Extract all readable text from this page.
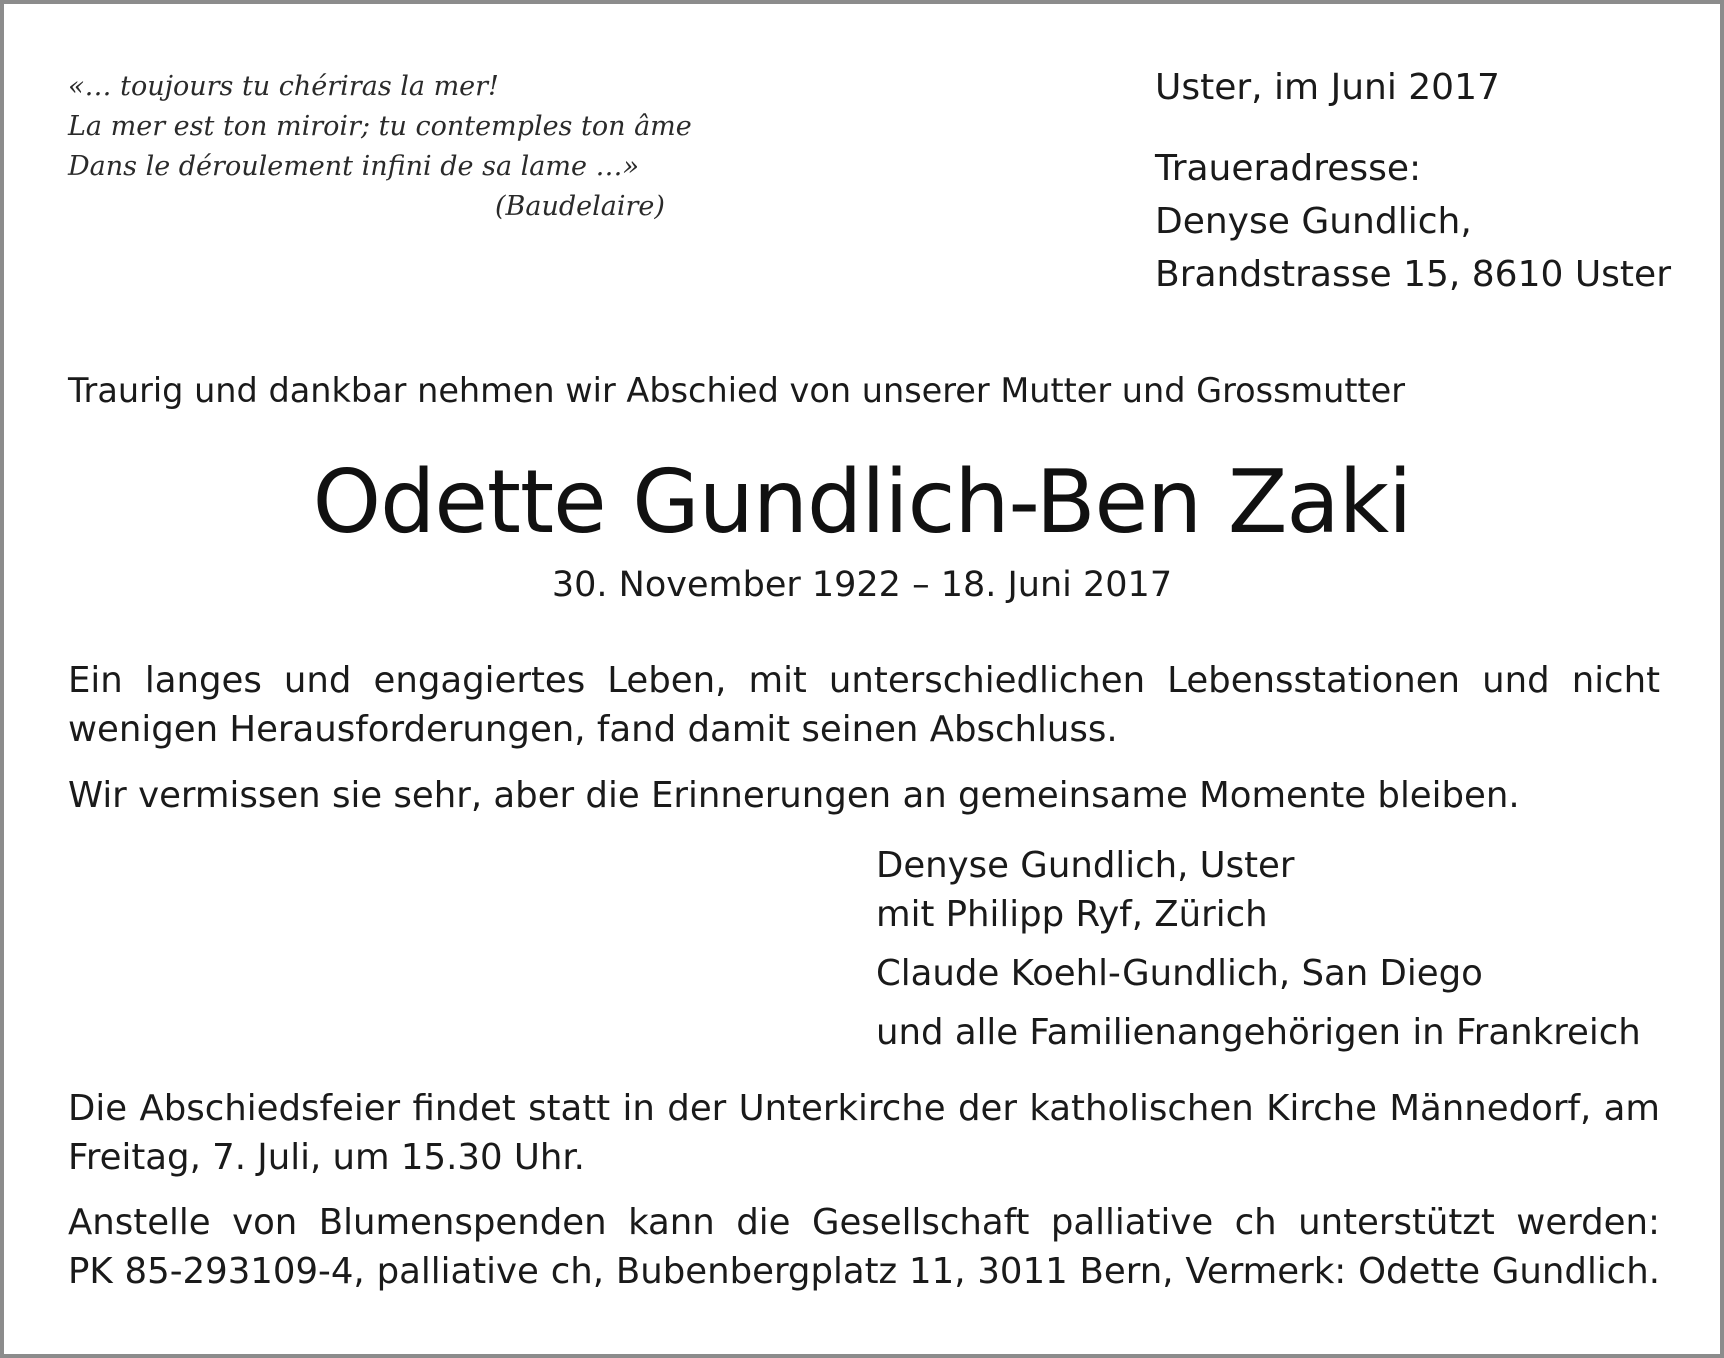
«… toujours tu chériras la mer!
La mer est ton miroir; tu contemples ton âme
Dans le déroulement infini de sa lame …»
(Baudelaire)
Uster, im Juni 2017
Traueradresse:
Denyse Gundlich,
Brandstrasse 15, 8610 Uster
Traurig und dankbar nehmen wir Abschied von unserer Mutter und Grossmutter
Odette Gundlich-Ben Zaki
30. November 1922 – 18. Juni 2017
Ein langes und engagiertes Leben, mit unterschiedlichen Lebensstationen und nicht
wenigen Herausforderungen, fand damit seinen Abschluss.
Wir vermissen sie sehr, aber die Erinnerungen an gemeinsame Momente bleiben.
Denyse Gundlich, Uster
mit Philipp Ryf, Zürich
Claude Koehl-Gundlich, San Diego
und alle Familienangehörigen in Frankreich
Die Abschiedsfeier findet statt in der Unterkirche der katholischen Kirche Männedorf, am
Freitag, 7. Juli, um 15.30 Uhr.
Anstelle von Blumenspenden kann die Gesellschaft palliative ch unterstützt werden:
PK 85-293109-4, palliative ch, Bubenbergplatz 11, 3011 Bern, Vermerk: Odette Gundlich.
